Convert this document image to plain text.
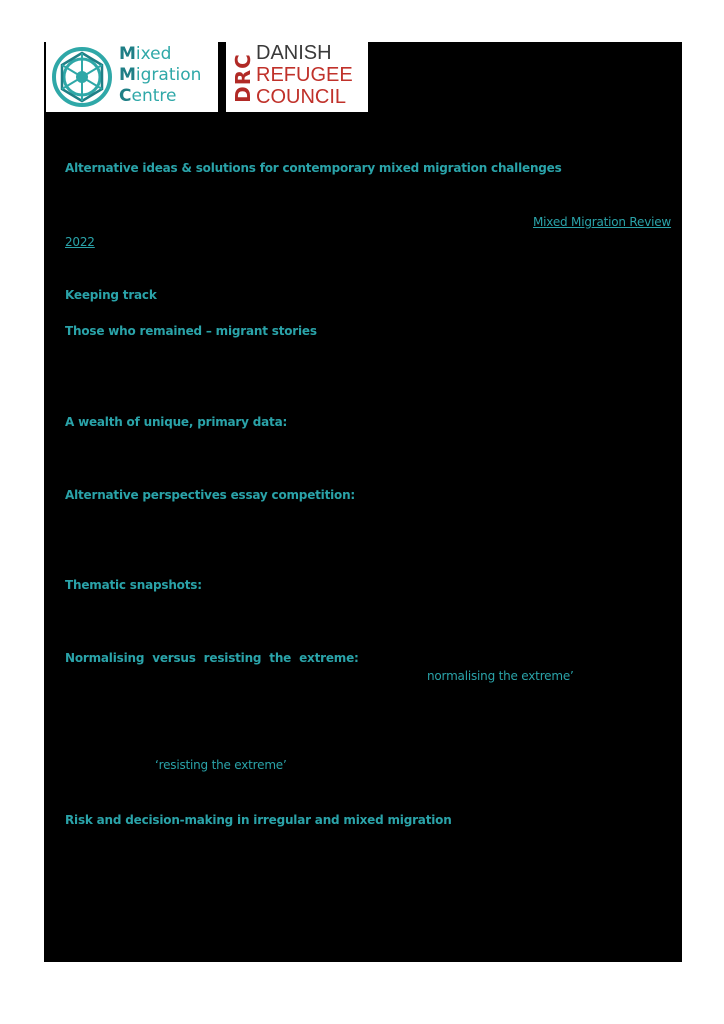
Mixed
Migration
Centre	DRC
DANISH
REFUGEE
COUNCIL
Alternative ideas & solutions for contemporary mixed migration challenges
Mixed Migration Review
2022
Keeping track
Those who remained – migrant stories
A wealth of unique, primary data:
Alternative perspectives essay competition:
Thematic snapshots:
Normalising versus resisting the extreme:
normalising the extreme’
‘resisting the extreme’
Risk and decision-making in irregular and mixed migration
